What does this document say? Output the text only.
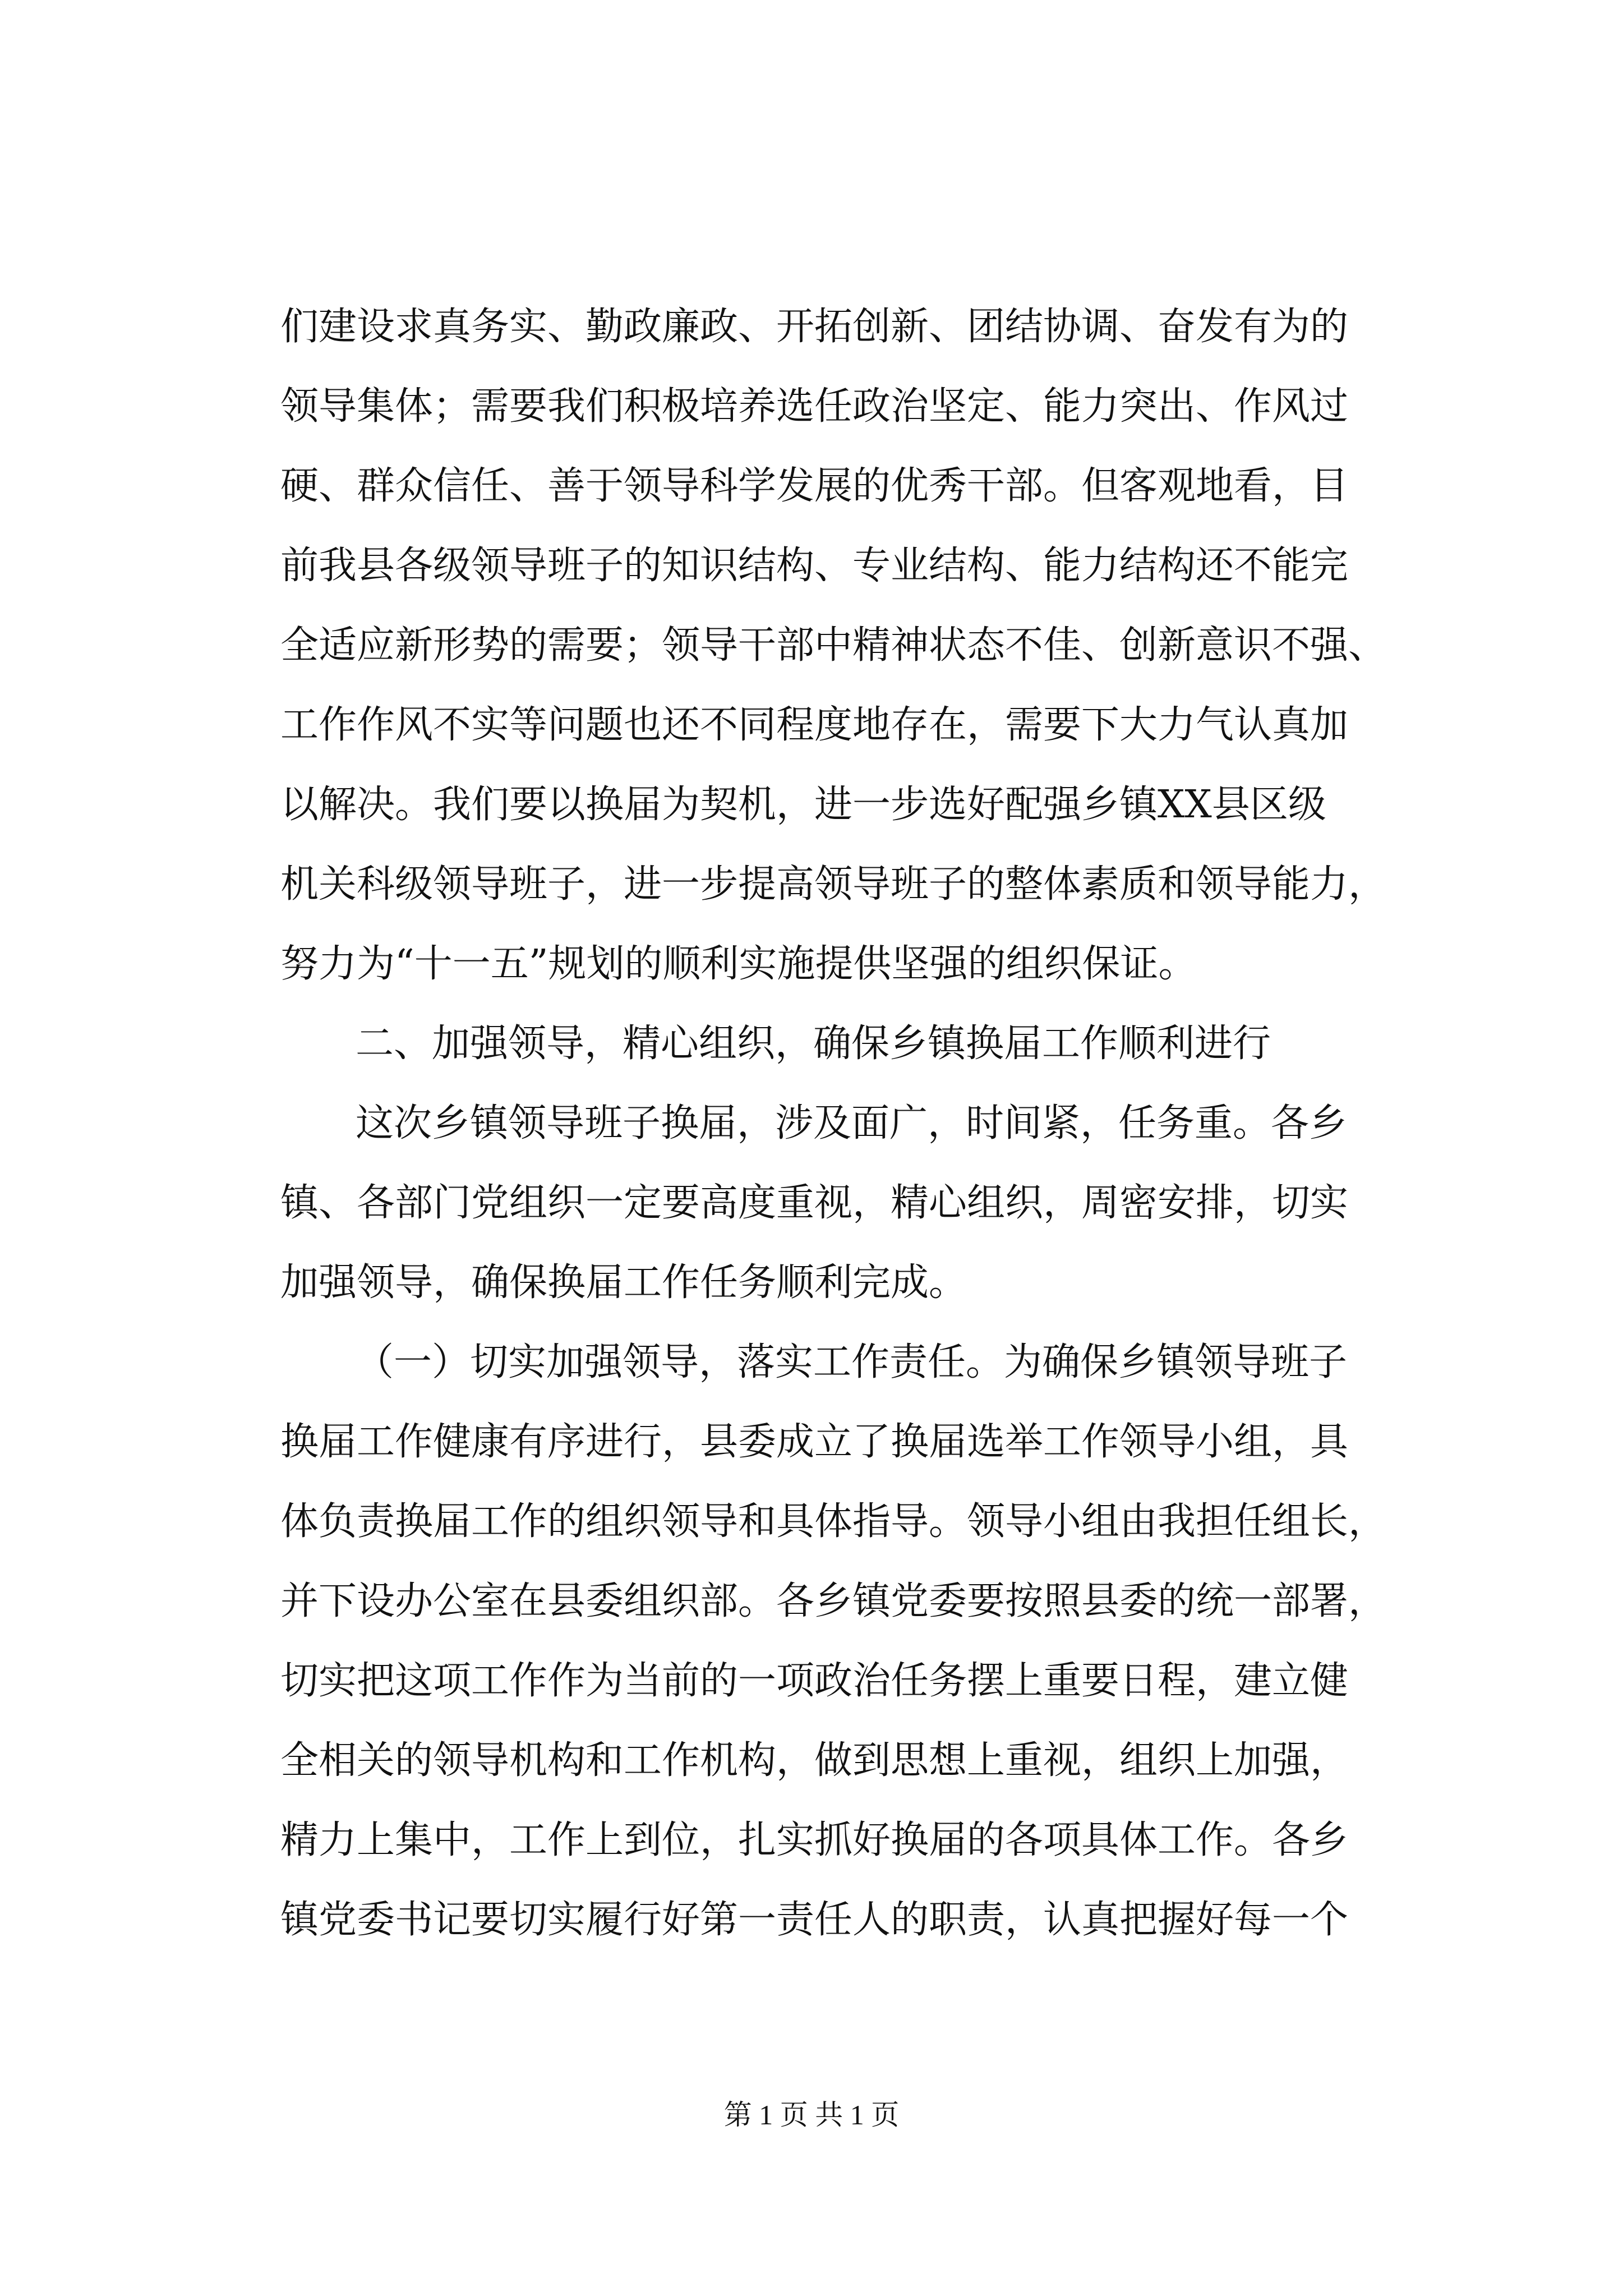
们建设求真务实、勤政廉政、开拓创新、团结协调、奋发有为的
领导集体；需要我们积极培养选任政治坚定、能力突出、作风过
硬、群众信任、善于领导科学发展的优秀干部。但客观地看，目
前我县各级领导班子的知识结构、专业结构、能力结构还不能完
全适应新形势的需要；领导干部中精神状态不佳、创新意识不强、
工作作风不实等问题也还不同程度地存在，需要下大力气认真加
以解决。我们要以换届为契机，进一步选好配强乡镇XX县区级
机关科级领导班子，进一步提高领导班子的整体素质和领导能力，
努力为“十一五”规划的顺利实施提供坚强的组织保证。
二、加强领导，精心组织，确保乡镇换届工作顺利进行
这次乡镇领导班子换届，涉及面广，时间紧，任务重。各乡
镇、各部门党组织一定要高度重视，精心组织，周密安排，切实
加强领导，确保换届工作任务顺利完成。
（一）切实加强领导，落实工作责任。为确保乡镇领导班子
换届工作健康有序进行，县委成立了换届选举工作领导小组，具
体负责换届工作的组织领导和具体指导。领导小组由我担任组长，
并下设办公室在县委组织部。各乡镇党委要按照县委的统一部署，
切实把这项工作作为当前的一项政治任务摆上重要日程，建立健
全相关的领导机构和工作机构，做到思想上重视，组织上加强，
精力上集中，工作上到位，扎实抓好换届的各项具体工作。各乡
镇党委书记要切实履行好第一责任人的职责，认真把握好每一个
第 1 页 共 1 页
